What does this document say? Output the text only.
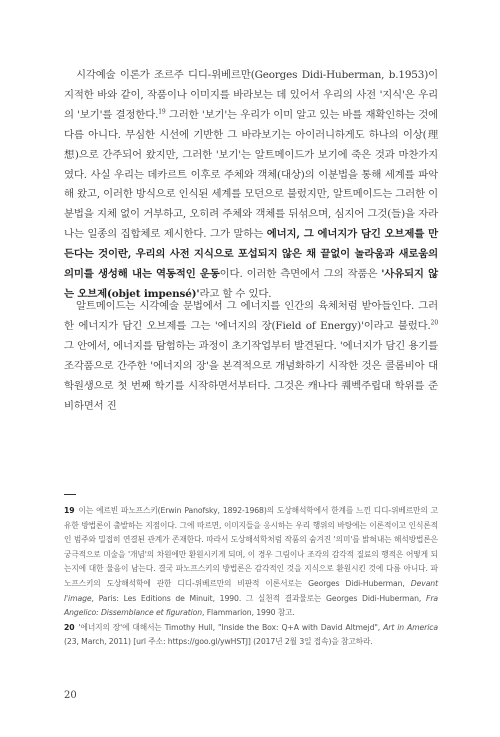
시각예술 이론가 조르주 디디-위베르만(Georges Didi-Huberman, b.1953)이 지적한 바와 같이, 작품이나 이미지를 바라보는 데 있어서 우리의 사전 '지식'은 우리의 '보기'를 결정한다.$^{19}$ 그러한 '보기'는 우리가 이미 알고 있는 바를 재확인하는 것에 다름 아니다. 무심한 시선에 기반한 그 바라보기는 아이러니하게도 하나의 이상(理想)으로 간주되어 왔지만, 그러한 '보기'는 알트메이드가 보기에 죽은 것과 마찬가지였다. 사실 우리는 데카르트 이후로 주체와 객체(대상)의 이분법을 통해 세계를 파악해 왔고, 이러한 방식으로 인식된 세계를 모던으로 불렀지만, 알트메이드는 그러한 이분법을 지체 없이 거부하고, 오히려 주체와 객체를 뒤섞으며, 심지어 그것(들)을 자라나는 일종의 집합체로 제시한다. 그가 말하는 에너지, 그 에너지가 담긴 오브제를 만든다는 것이란, 우리의 사전 지식으로 포섭되지 않은 채 끝없이 놀라움과 새로움의 의미를 생성해 내는 역동적인 운동이다. 이러한 측면에서 그의 작품은 '사유되지 않는 오브제(objet impensé)'라고 할 수 있다.

알트메이드는 시각예술 문법에서 그 에너지를 인간의 육체처럼 받아들인다. 그러한 에너지가 담긴 오브제를 그는 '에너지의 장(Field of Energy)'이라고 불렀다.$^{20}$ 그 안에서, 에너지를 탐험하는 과정이 초기작업부터 발견된다. '에너지가 담긴 용기를 조각품으로 간주한 '에너지의 장'을 본격적으로 개념화하기 시작한 것은 콜롬비아 대학원생으로 첫 번째 학기를 시작하면서부터다. 그것은 캐나다 퀘벡주립대 학위를 준비하면서 진

19 이는 에르빈 파노프스키(Erwin Panofsky, 1892-1968)의 도상해석학에서 한계를 느낀 디디-위베르만의 고유한 방법론이 출발하는 지점이다. 그에 따르면, 이미지들을 응시하는 우리 행위의 바탕에는 이론적이고 인식론적인 범주와 밀접히 연결된 관계가 존재한다. 따라서 도상해석학처럼 작품의 숨겨진 '의미'를 밝혀내는 해석방법론은 궁극적으로 미술을 '개념'의 차원에만 환원시키게 되며, 이 경우 그림이나 조각의 감각적 질료의 행적은 어떻게 되는지에 대한 물음이 남는다. 결국 파노프스키의 방법론은 감각적인 것을 지식으로 환원시킨 것에 다름 아니다. 파노프스키의 도상해석학에 관한 디디-위베르만의 비판적 이론서로는 Georges Didi-Huberman, Devant l'image, Paris: Les Editions de Minuit, 1990. 그 실천적 결과물로는 Georges Didi-Huberman, Fra Angelico: Dissemblance et figuration, Flammarion, 1990 참고.
20 '에너지의 장'에 대해서는 Timothy Hull, "Inside the Box: Q+A with David Altmejd", Art in America (23, March, 2011) [url 주소: https://goo.gl/ywHSTJ] (2017년 2월 3일 접속)을 참고하라.
20
